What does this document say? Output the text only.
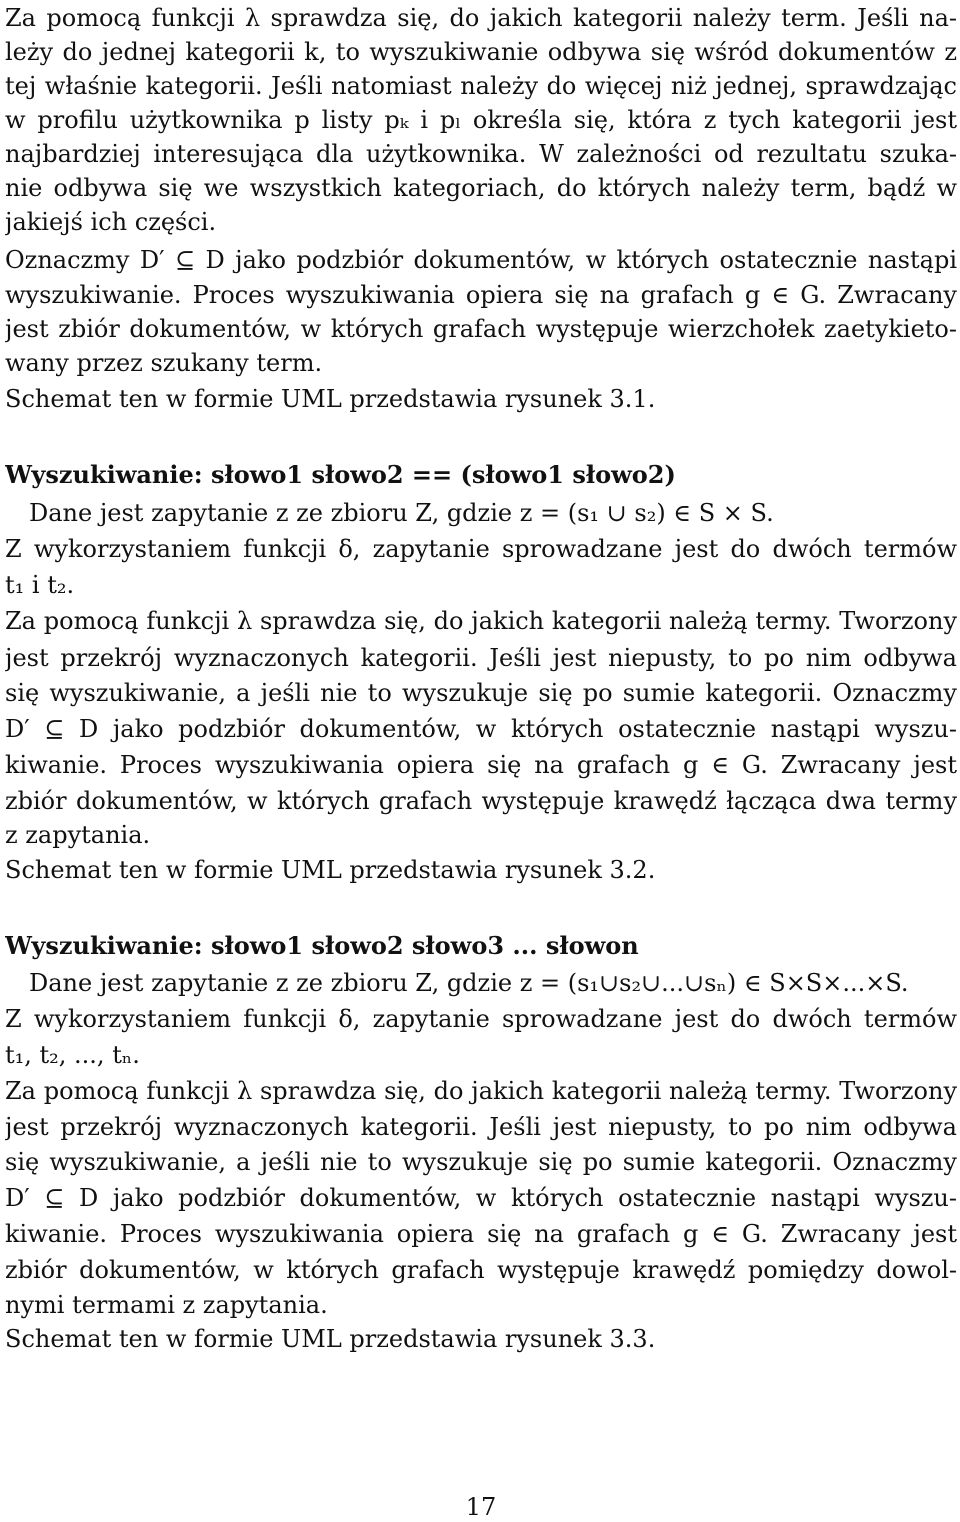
Za pomocą funkcji λ sprawdza się, do jakich kategorii należy term. Jeśli na-
leży do jednej kategorii k, to wyszukiwanie odbywa się wśród dokumentów z
tej właśnie kategorii. Jeśli natomiast należy do więcej niż jednej, sprawdzając
w profilu użytkownika p listy pₖ i pₗ określa się, która z tych kategorii jest
najbardziej interesująca dla użytkownika. W zależności od rezultatu szuka-
nie odbywa się we wszystkich kategoriach, do których należy term, bądź w
jakiejś ich części.
Oznaczmy D′ ⊆ D jako podzbiór dokumentów, w których ostatecznie nastąpi
wyszukiwanie. Proces wyszukiwania opiera się na grafach g ∈ G. Zwracany
jest zbiór dokumentów, w których grafach występuje wierzchołek zaetykieto-
wany przez szukany term.
Schemat ten w formie UML przedstawia rysunek 3.1.
Wyszukiwanie: słowo1 słowo2 == (słowo1 słowo2)
Dane jest zapytanie z ze zbioru Z, gdzie z = (s₁ ∪ s₂) ∈ S × S.
Z wykorzystaniem funkcji δ, zapytanie sprowadzane jest do dwóch termów
t₁ i t₂.
Za pomocą funkcji λ sprawdza się, do jakich kategorii należą termy. Tworzony
jest przekrój wyznaczonych kategorii. Jeśli jest niepusty, to po nim odbywa
się wyszukiwanie, a jeśli nie to wyszukuje się po sumie kategorii. Oznaczmy
D′ ⊆ D jako podzbiór dokumentów, w których ostatecznie nastąpi wyszu-
kiwanie. Proces wyszukiwania opiera się na grafach g ∈ G. Zwracany jest
zbiór dokumentów, w których grafach występuje krawędź łącząca dwa termy
z zapytania.
Schemat ten w formie UML przedstawia rysunek 3.2.
Wyszukiwanie: słowo1 słowo2 słowo3 ... słowon
Dane jest zapytanie z ze zbioru Z, gdzie z = (s₁∪s₂∪...∪sₙ) ∈ S×S×...×S.
Z wykorzystaniem funkcji δ, zapytanie sprowadzane jest do dwóch termów
t₁, t₂, ..., tₙ.
Za pomocą funkcji λ sprawdza się, do jakich kategorii należą termy. Tworzony
jest przekrój wyznaczonych kategorii. Jeśli jest niepusty, to po nim odbywa
się wyszukiwanie, a jeśli nie to wyszukuje się po sumie kategorii. Oznaczmy
D′ ⊆ D jako podzbiór dokumentów, w których ostatecznie nastąpi wyszu-
kiwanie. Proces wyszukiwania opiera się na grafach g ∈ G. Zwracany jest
zbiór dokumentów, w których grafach występuje krawędź pomiędzy dowol-
nymi termami z zapytania.
Schemat ten w formie UML przedstawia rysunek 3.3.
17
